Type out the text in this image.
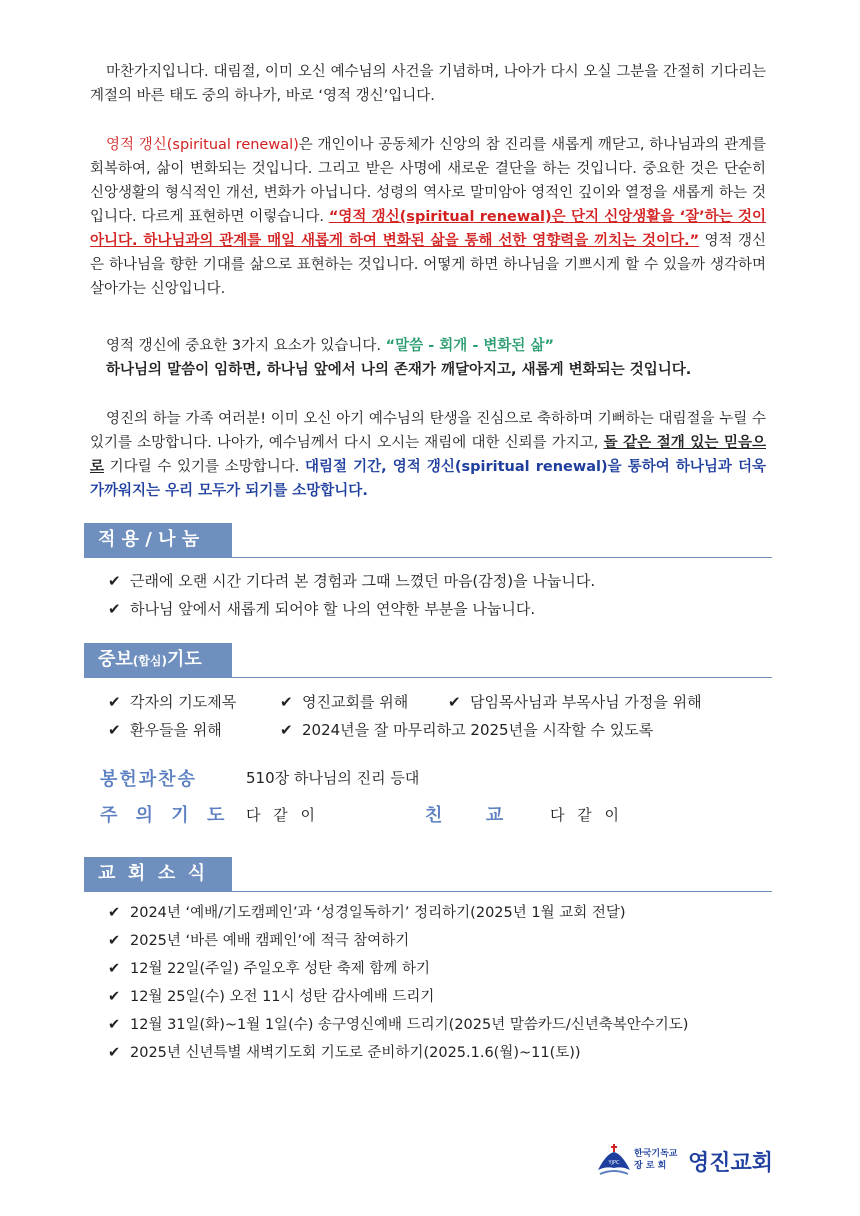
마찬가지입니다. 대림절, 이미 오신 예수님의 사건을 기념하며, 나아가 다시 오실 그분을 간절히 기다리는 계절의 바른 태도 중의 하나가, 바로 ‘영적 갱신’입니다.

영적 갱신(spiritual renewal)은 개인이나 공동체가 신앙의 참 진리를 새롭게 깨닫고, 하나님과의 관계를 회복하여, 삶이 변화되는 것입니다. 그리고 받은 사명에 새로운 결단을 하는 것입니다. 중요한 것은 단순히 신앙생활의 형식적인 개선, 변화가 아닙니다. 성령의 역사로 말미암아 영적인 깊이와 열정을 새롭게 하는 것입니다. 다르게 표현하면 이렇습니다. “영적 갱신(spiritual renewal)은 단지 신앙생활을 ‘잘’하는 것이 아니다. 하나님과의 관계를 매일 새롭게 하여 변화된 삶을 통해 선한 영향력을 끼치는 것이다.” 영적 갱신은 하나님을 향한 기대를 삶으로 표현하는 것입니다. 어떻게 하면 하나님을 기쁘시게 할 수 있을까 생각하며 살아가는 신앙입니다.

영적 갱신에 중요한 3가지 요소가 있습니다. “말씀 - 회개 - 변화된 삶”

하나님의 말씀이 임하면, 하나님 앞에서 나의 존재가 깨달아지고, 새롭게 변화되는 것입니다.

영진의 하늘 가족 여러분! 이미 오신 아기 예수님의 탄생을 진심으로 축하하며 기뻐하는 대림절을 누릴 수 있기를 소망합니다. 나아가, 예수님께서 다시 오시는 재림에 대한 신뢰를 가지고, 돌 같은 절개 있는 믿음으로 기다릴 수 있기를 소망합니다. 대림절 기간, 영적 갱신(spiritual renewal)을 통하여 하나님과 더욱 가까워지는 우리 모두가 되기를 소망합니다.

적 용 / 나 눔
✔ 근래에 오랜 시간 기다려 본 경험과 그때 느꼈던 마음(감정)을 나눕니다.
✔ 하나님 앞에서 새롭게 되어야 할 나의 연약한 부분을 나눕니다.
중보(합심)기도
✔ 각자의 기도제목	✔ 영진교회를 위해	✔ 담임목사님과 부목사님 가정을 위해
✔ 환우들을 위해	✔ 2024년을 잘 마무리하고 2025년을 시작할 수 있도록
봉헌과찬송	510장 하나님의 진리 등대
주 의 기 도 다 같 이	친     교	다 같 이
교  회  소  식
✔ 2024년 ‘예배/기도캠페인’과 ‘성경일독하기’ 정리하기(2025년 1월 교회 전달)
✔ 2025년 ‘바른 예배 캠페인’에 적극 참여하기
✔ 12월 22일(주일) 주일오후 성탄 축제 함께 하기
✔ 12월 25일(수) 오전 11시 성탄 감사예배 드리기
✔ 12월 31일(화)~1월 1일(수) 송구영신예배 드리기(2025년 말씀카드/신년축복안수기도)
✔ 2025년 신년특별 새벽기도회 기도로 준비하기(2025.1.6(월)~11(토))
YJPC
한국기독교
장 로 회 영진교회
